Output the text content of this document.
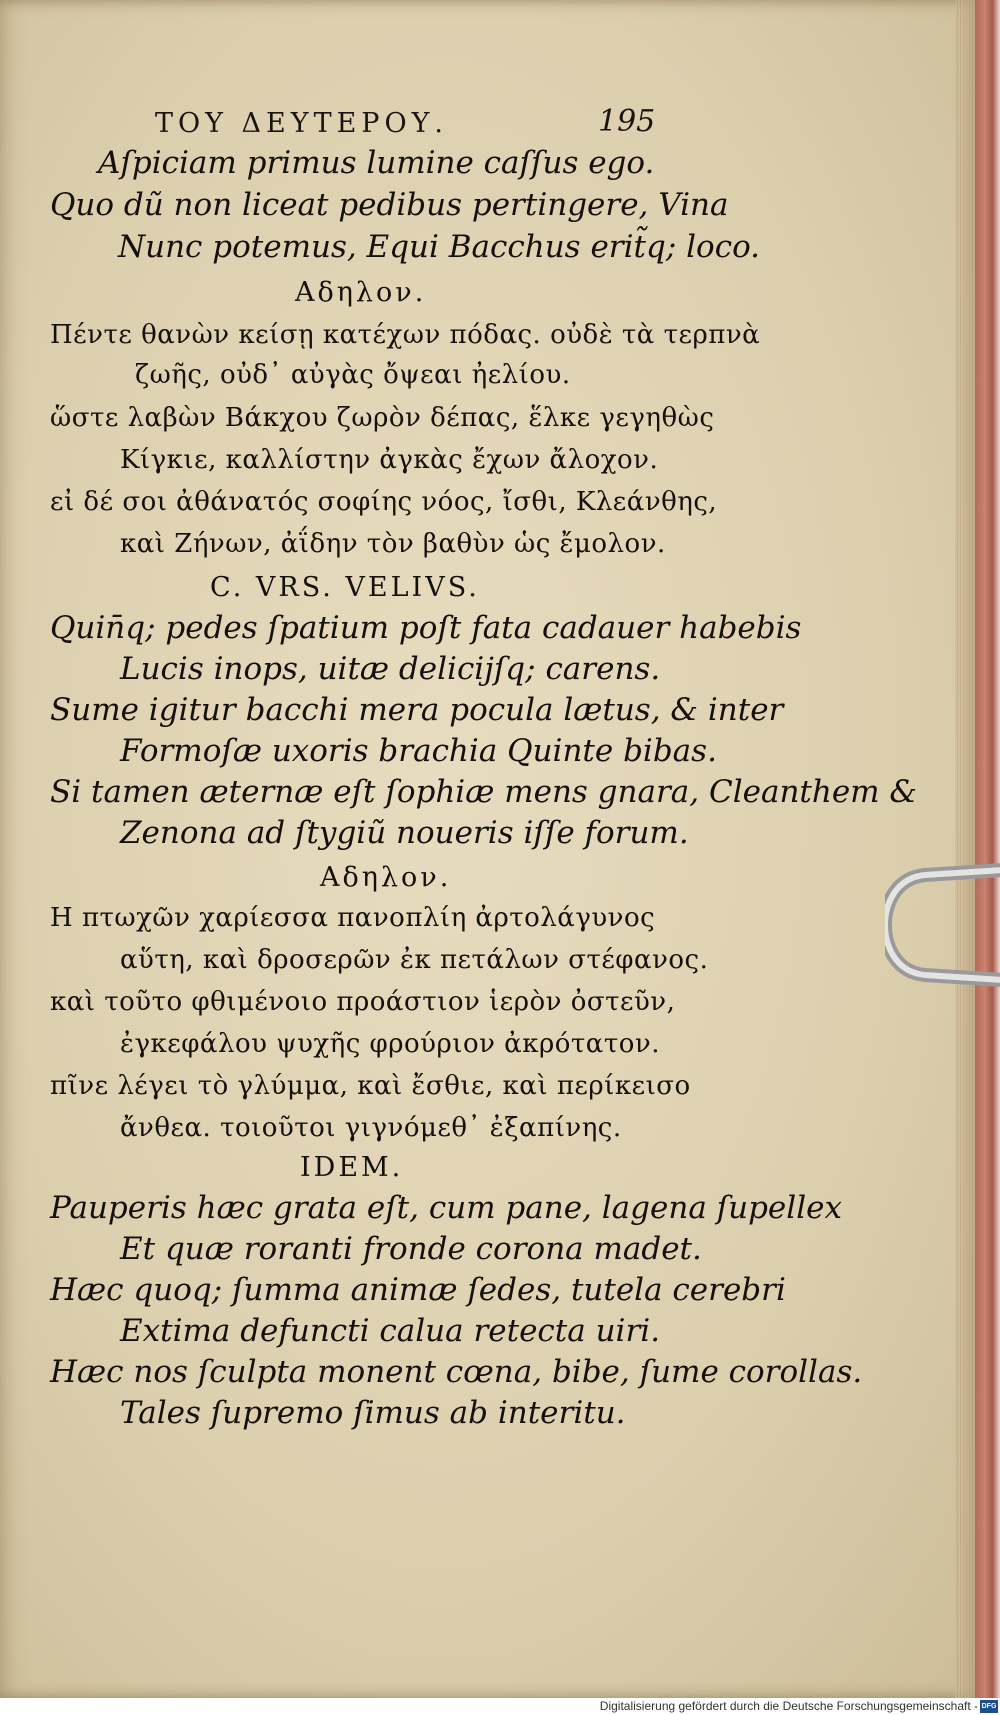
ΤΟΥ ΔΕΥΤΕΡΟΥ.	195
Aſpiciam primus lumine caſſus ego.
Quo dũ non liceat pedibus pertingere, Vina
Nunc potemus, Equi Bacchus erit̃q; loco.
Αδηλον.
Πέντε θανὼν κείσῃ κατέχων πόδας. οὐδὲ τὰ τερπνὰ
ζωῆς, οὐδ᾽ αὐγὰς ὄψεαι ἠελίου.
ὥστε λαβὼν Βάκχου ζωρὸν δέπας, ἕλκε γεγηθὼς
Κίγκιε, καλλίστην ἀγκὰς ἔχων ἄλοχον.
εἰ δέ σοι ἀθάνατός σοφίης νόος, ἴσθι, Κλεάνθης,
καὶ Ζήνων, ἀΐδην τὸν βαθὺν ὡς ἔμολον.
C. VRS. VELIVS.
Quin̄q; pedes ſpatium poſt fata cadauer habebis
Lucis inops, uitæ delicijſq; carens.
Sume igitur bacchi mera pocula lætus, & inter
Formoſæ uxoris brachia Quinte bibas.
Si tamen æternæ eſt ſophiæ mens gnara, Cleanthem &
Zenona ad ſtygiũ noueris iſſe forum.
Αδηλον.
Η πτωχῶν χαρίεσσα πανοπλίη ἀρτολάγυνος
αὕτη, καὶ δροσερῶν ἐκ πετάλων στέφανος.
καὶ τοῦτο φθιμένοιο προάστιον ἱερὸν ὀστεῦν,
ἐγκεφάλου ψυχῆς φρούριον ἀκρότατον.
πῖνε λέγει τὸ γλύμμα, καὶ ἔσθιε, καὶ περίκεισο
ἄνθεα. τοιοῦτοι γιγνόμεθ᾽ ἐξαπίνης.
IDEM.
Pauperis hæc grata eſt, cum pane, lagena ſupellex
Et quæ roranti fronde corona madet.
Hæc quoq; ſumma animæ ſedes, tutela cerebri
Extima defuncti calua retecta uiri.
Hæc nos ſculpta monent cœna, bibe, ſume corollas.
Tales ſupremo ſimus ab interitu.
Digitalisierung gefördert durch die Deutsche Forschungsgemeinschaft - DFG
